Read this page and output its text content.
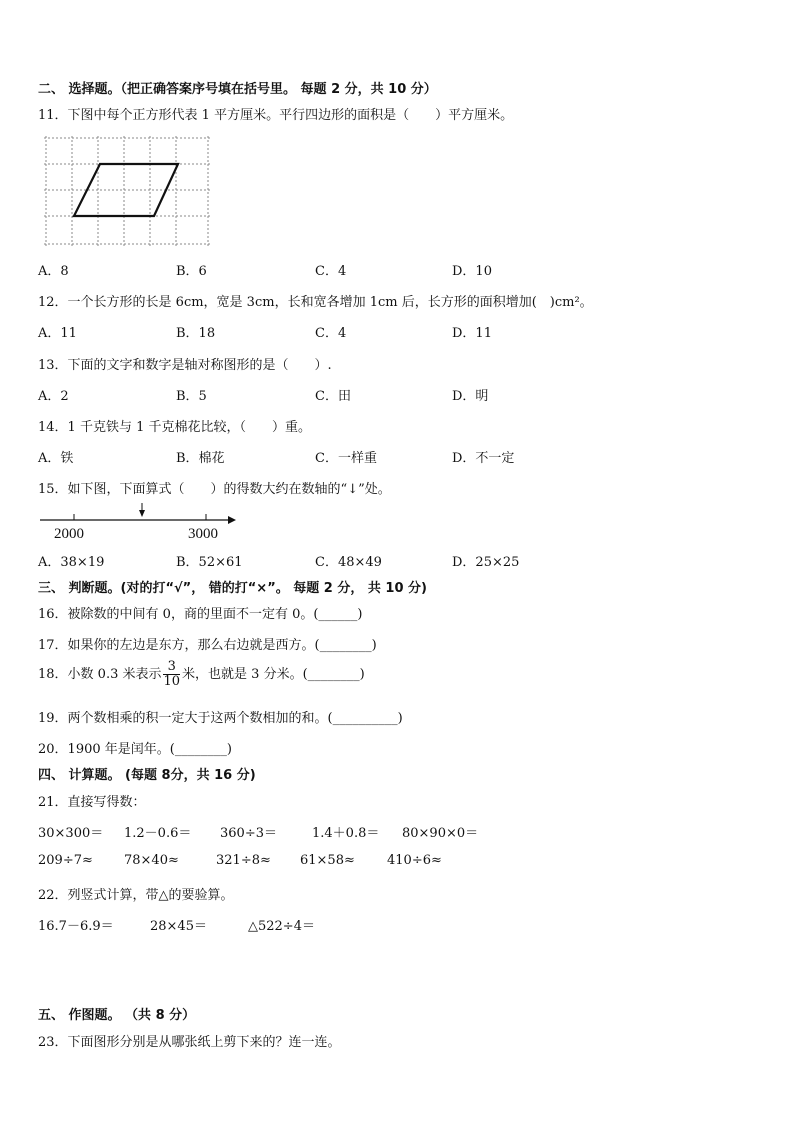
二、 选择题。（把正确答案序号填在括号里。 每题 2 分，共 10 分）
11．下图中每个正方形代表 1 平方厘米。平行四边形的面积是（　　）平方厘米。
A．8	B．6	C．4	D．10
12．一个长方形的长是 6cm，宽是 3cm，长和宽各增加 1cm 后，长方形的面积增加(　)cm²。
A．11	B．18	C．4	D．11
13．下面的文字和数字是轴对称图形的是（　　）.
A．2	B．5	C．田	D．明
14．1 千克铁与 1 千克棉花比较，（　　）重。
A．铁	B．棉花	C．一样重	D．不一定
15．如下图，下面算式（　　）的得数大约在数轴的“↓”处。
2000	3000
A．38×19	B．52×61	C．48×49	D．25×25
三、 判断题。(对的打“√”， 错的打“×”。 每题 2 分， 共 10 分)
16．被除数的中间有 0，商的里面不一定有 0。(______)
17．如果你的左边是东方，那么右边就是西方。(________)
18．小数 0.3 米表示 $\frac{3}{10}$ 米，也就是 3 分米。(________)
19．两个数相乘的积一定大于这两个数相加的和。(__________)
20．1900 年是闰年。(________)
四、 计算题。 (每题 8分，共 16 分)
21．直接写得数：
30×300＝ 1.2－0.6＝ 360÷3＝	1.4＋0.8＝ 80×90×0＝
209÷7≈ 78×40≈	321÷8≈ 61×58≈ 410÷6≈
22．列竖式计算，带△的要验算。
16.7－6.9＝	28×45＝	△522÷4＝
五、 作图题。 （共 8 分）
23．下面图形分别是从哪张纸上剪下来的？连一连。
